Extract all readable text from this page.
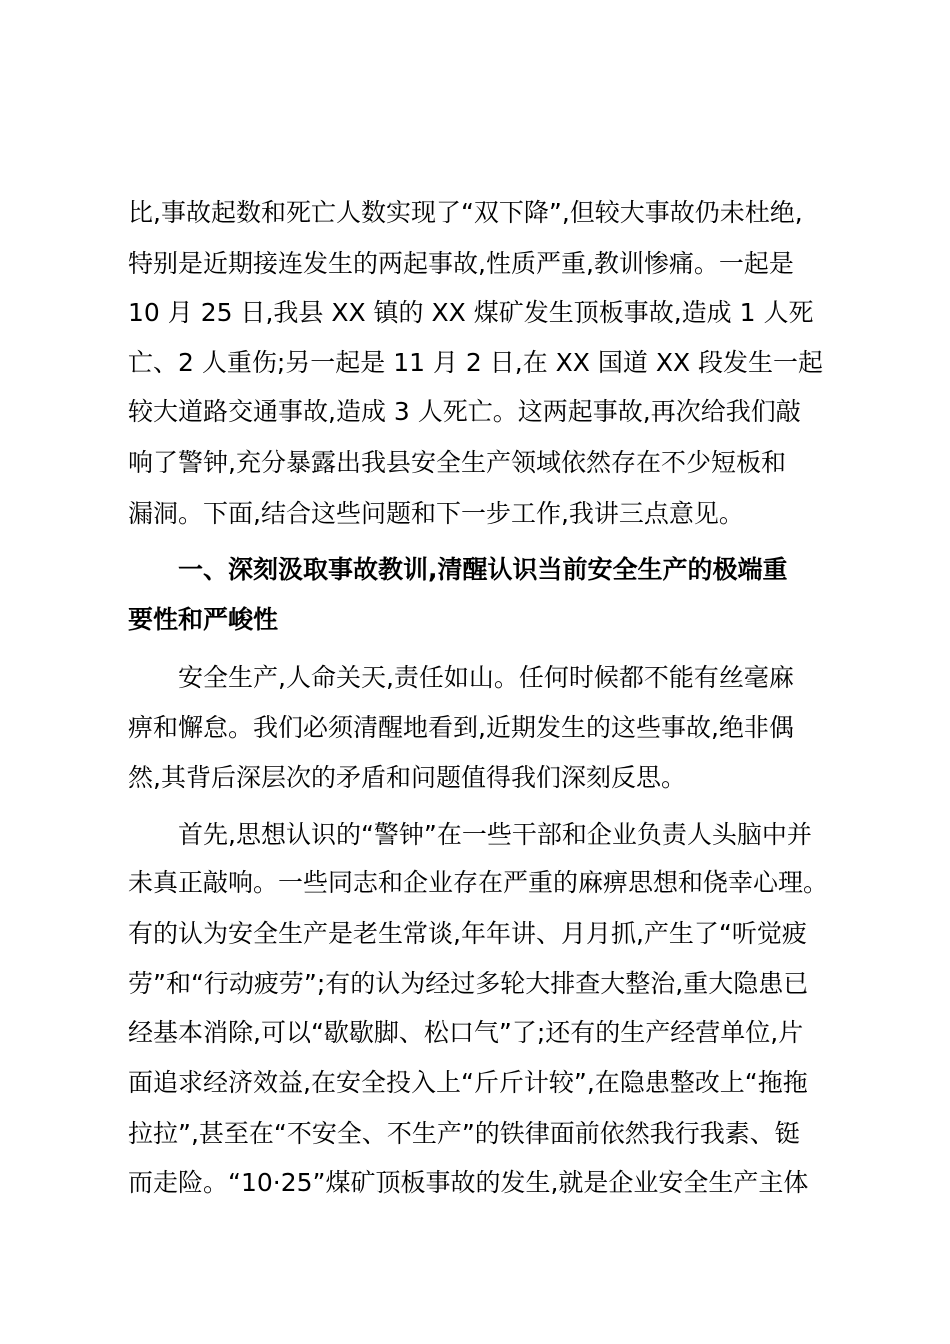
比,事故起数和死亡人数实现了“双下降”,但较大事故仍未杜绝,
特别是近期接连发生的两起事故,性质严重,教训惨痛。一起是
10 月 25 日,我县 XX 镇的 XX 煤矿发生顶板事故,造成 1 人死
亡、2 人重伤;另一起是 11 月 2 日,在 XX 国道 XX 段发生一起
较大道路交通事故,造成 3 人死亡。这两起事故,再次给我们敲
响了警钟,充分暴露出我县安全生产领域依然存在不少短板和
漏洞。下面,结合这些问题和下一步工作,我讲三点意见。
一、深刻汲取事故教训,清醒认识当前安全生产的极端重
要性和严峻性
安全生产,人命关天,责任如山。任何时候都不能有丝毫麻
痹和懈怠。我们必须清醒地看到,近期发生的这些事故,绝非偶
然,其背后深层次的矛盾和问题值得我们深刻反思。
首先,思想认识的“警钟”在一些干部和企业负责人头脑中并
未真正敲响。一些同志和企业存在严重的麻痹思想和侥幸心理。
有的认为安全生产是老生常谈,年年讲、月月抓,产生了“听觉疲
劳”和“行动疲劳”;有的认为经过多轮大排查大整治,重大隐患已
经基本消除,可以“歇歇脚、松口气”了;还有的生产经营单位,片
面追求经济效益,在安全投入上“斤斤计较”,在隐患整改上“拖拖
拉拉”,甚至在“不安全、不生产”的铁律面前依然我行我素、铤
而走险。“10·25”煤矿顶板事故的发生,就是企业安全生产主体
